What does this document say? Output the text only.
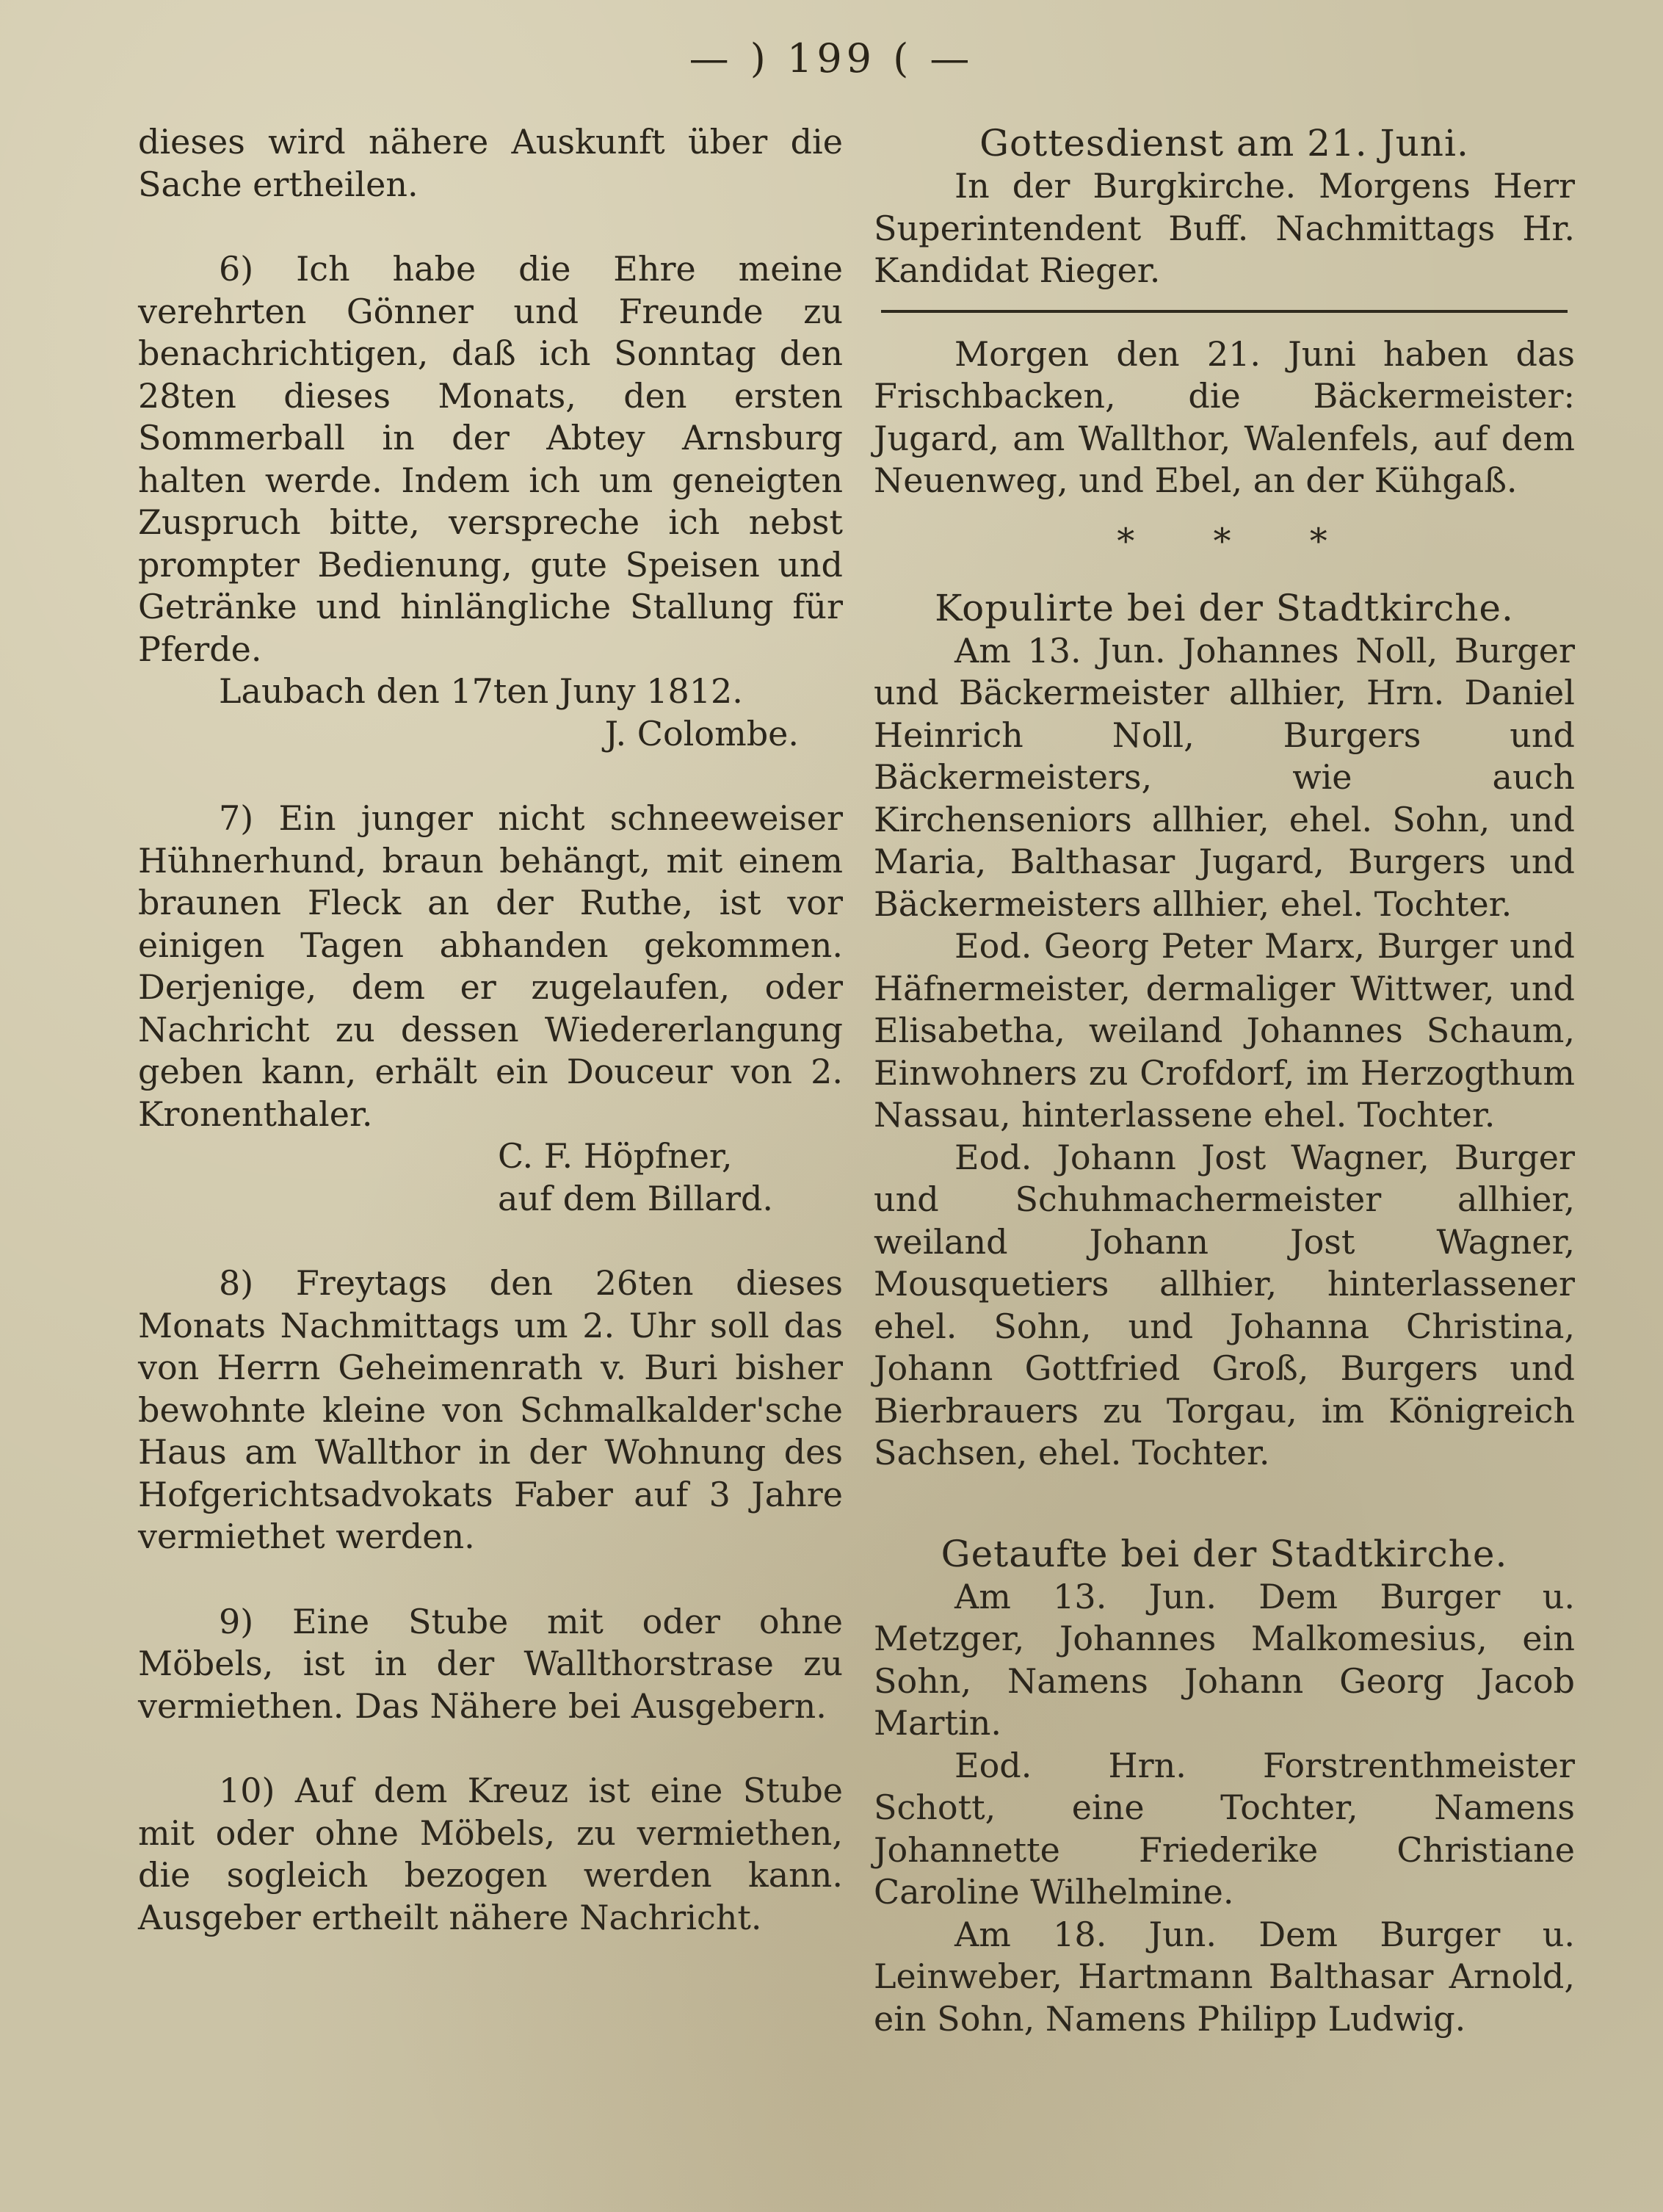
— ) 199 ( —

dieses wird nähere Auskunft über die Sache ertheilen.

6) Ich habe die Ehre meine verehrten Gönner und Freunde zu benachrichtigen, daß ich Sonntag den 28ten dieses Monats, den ersten Sommerball in der Abtey Arnsburg halten werde. Indem ich um geneigten Zuspruch bitte, verspreche ich nebst prompter Bedienung, gute Speisen und Getränke und hinlängliche Stallung für Pferde.

Laubach den 17ten Juny 1812.

J. Colombe.

7) Ein junger nicht schneeweiser Hühnerhund, braun behängt, mit einem braunen Fleck an der Ruthe, ist vor einigen Tagen abhanden gekommen. Derjenige, dem er zugelaufen, oder Nachricht zu dessen Wiedererlangung geben kann, erhält ein Douceur von 2. Kronenthaler.

C. F. Höpfner,

auf dem Billard.

8) Freytags den 26ten dieses Monats Nachmittags um 2. Uhr soll das von Herrn Geheimenrath v. Buri bisher bewohnte kleine von Schmalkalder'sche Haus am Wallthor in der Wohnung des Hofgerichtsadvokats Faber auf 3 Jahre vermiethet werden.

9) Eine Stube mit oder ohne Möbels, ist in der Wallthorstrase zu vermiethen. Das Nähere bei Ausgebern.

10) Auf dem Kreuz ist eine Stube mit oder ohne Möbels, zu vermiethen, die sogleich bezogen werden kann. Ausgeber ertheilt nähere Nachricht.

Gottesdienst am 21. Juni.

In der Burgkirche. Morgens Herr Superintendent Buff. Nachmittags Hr. Kandidat Rieger.

Morgen den 21. Juni haben das Frischbacken, die Bäckermeister: Jugard, am Wallthor, Walenfels, auf dem Neuenweg, und Ebel, an der Kühgaß.

* * *

Kopulirte bei der Stadtkirche.

Am 13. Jun. Johannes Noll, Burger und Bäckermeister allhier, Hrn. Daniel Heinrich Noll, Burgers und Bäckermeisters, wie auch Kirchenseniors allhier, ehel. Sohn, und Maria, Balthasar Jugard, Burgers und Bäckermeisters allhier, ehel. Tochter.

Eod. Georg Peter Marx, Burger und Häfnermeister, dermaliger Wittwer, und Elisabetha, weiland Johannes Schaum, Einwohners zu Crofdorf, im Herzogthum Nassau, hinterlassene ehel. Tochter.

Eod. Johann Jost Wagner, Burger und Schuhmachermeister allhier, weiland Johann Jost Wagner, Mousquetiers allhier, hinterlassener ehel. Sohn, und Johanna Christina, Johann Gottfried Groß, Burgers und Bierbrauers zu Torgau, im Königreich Sachsen, ehel. Tochter.

Getaufte bei der Stadtkirche.

Am 13. Jun. Dem Burger u. Metzger, Johannes Malkomesius, ein Sohn, Namens Johann Georg Jacob Martin.

Eod. Hrn. Forstrenthmeister Schott, eine Tochter, Namens Johannette Friederike Christiane Caroline Wilhelmine.

Am 18. Jun. Dem Burger u. Leinweber, Hartmann Balthasar Arnold, ein Sohn, Namens Philipp Ludwig.
